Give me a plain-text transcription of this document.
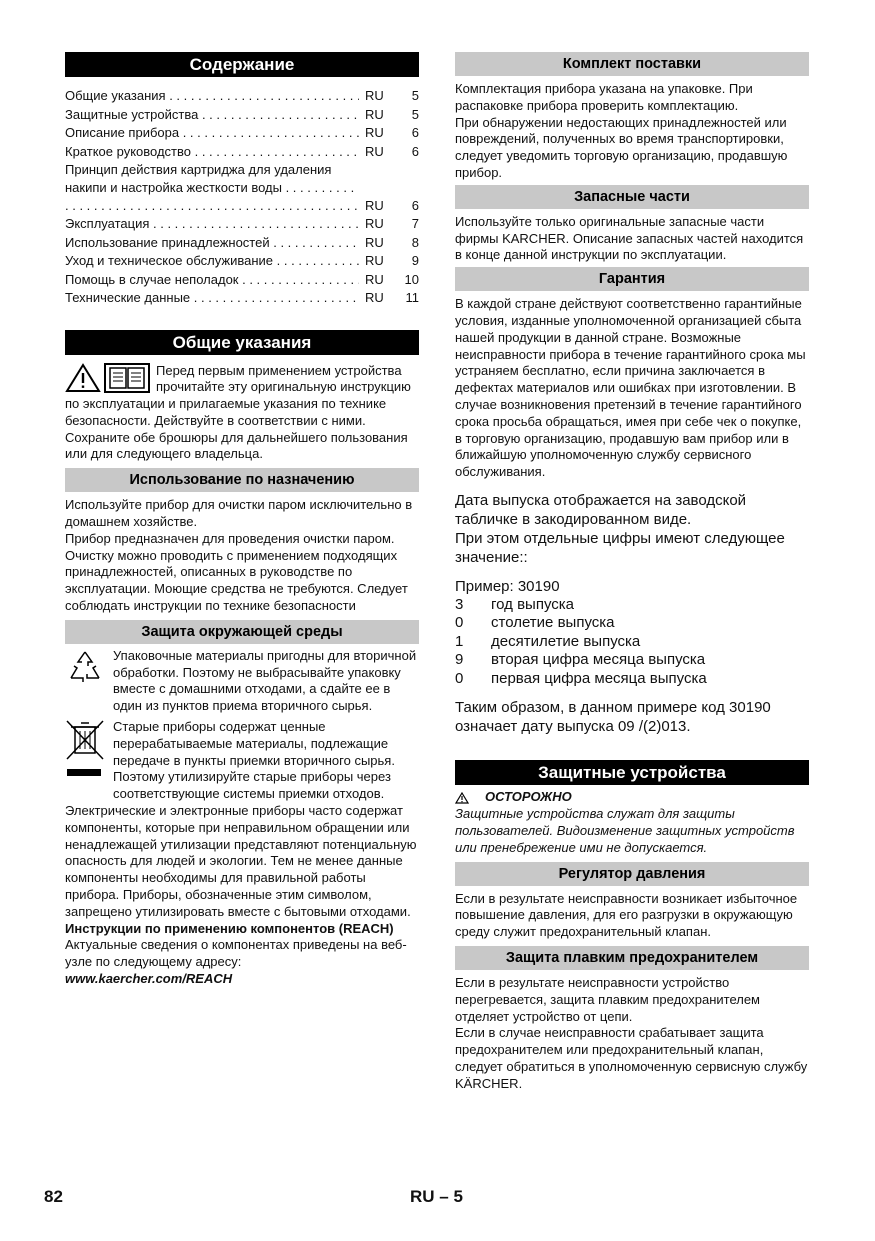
Содержание
Общие указания . . .	RU	5
Защитные устройства . . .	RU	5
Описание прибора . . .	RU	6
Краткое руководство . . .	RU	6
Принцип действия картриджа для удаления
накипи и настройка жесткости воды . . .
RU	6
Эксплуатация . . .	RU	7
Использование принадлежностей . . .	RU	8
Уход и техническое обслуживание . . .	RU	9
Помощь в случае неполадок . . .	RU	10
Технические данные . . .	RU	11
Общие указания

Перед первым применением устройства прочитайте эту оригинальную инструкцию по эксплуатации и прилагаемые указания по технике безопасности. Действуйте в соответствии с ними. Сохраните обе брошюры для дальнейшего пользования или для следующего владельца.

Использование по назначению

Используйте прибор для очистки паром исключительно в домашнем хозяйстве.

Прибор предназначен для проведения очистки паром. Очистку можно проводить с применением подходящих принадлежностей, описанных в руководстве по эксплуатации. Моющие средства не требуются. Следует соблюдать инструкции по технике безопасности

Защита окружающей среды

Упаковочные материалы пригодны для вторичной обработки. Поэтому не выбрасывайте упаковку вместе с домашними отходами, а сдайте ее в один из пунктов приема вторичного сырья.

Старые приборы содержат ценные перерабатываемые материалы, подлежащие передаче в пункты приемки вторичного сырья. Поэтому утилизируйте старые приборы через соответствующие системы приемки отходов.

Электрические и электронные приборы часто содержат компоненты, которые при неправильном обращении или ненадлежащей утилизации представляют потенциальную опасность для людей и экологии. Тем не менее данные компоненты необходимы для правильной работы прибора. Приборы, обозначенные этим символом, запрещено утилизировать вместе с бытовыми отходами.

Инструкции по применению компонентов (REACH)

Актуальные сведения о компонентах приведены на веб-узле по следующему адресу:

www.kaercher.com/REACH

Комплект поставки

Комплектация прибора указана на упаковке. При распаковке прибора проверить комплектацию.

При обнаружении недостающих принадлежностей или повреждений, полученных во время транспортировки, следует уведомить торговую организацию, продавшую прибор.

Запасные части

Используйте только оригинальные запасные части фирмы KARCHER. Описание запасных частей находится в конце данной инструкции по эксплуатации.

Гарантия

В каждой стране действуют соответственно гарантийные условия, изданные уполномоченной организацией сбыта нашей продукции в данной стране. Возможные неисправности прибора в течение гарантийного срока мы устраняем бесплатно, если причина заключается в дефектах материалов или ошибках при изготовлении. В случае возникновения претензий в течение гарантийного срока просьба обращаться, имея при себе чек о покупке, в торговую организацию, продавшую вам прибор или в ближайшую уполномоченную службу сервисного обслуживания.

Дата выпуска отображается на заводской табличке в закодированном виде.

При этом отдельные цифры имеют следующее значение::

Пример: 30190

3	год выпуска
0	столетие выпуска
1	десятилетие выпуска
9	вторая цифра месяца выпуска
0	первая цифра месяца выпуска

Таким образом, в данном примере код 30190 означает дату выпуска 09 /(2)013.

Защитные устройства
ОСТОРОЖНО

Защитные устройства служат для защиты пользователей. Видоизменение защитных устройств или пренебрежение ими не допускается.

Регулятор давления

Если в результате неисправности возникает избыточное повышение давления, для его разгрузки в окружающую среду служит предохранительный клапан.

Защита плавким предохранителем

Если в результате неисправности устройство перегревается, защита плавким предохранителем отделяет устройство от цепи.

Если в случае неисправности срабатывает защита предохранителем или предохранительный клапан, следует обратиться в уполномоченную сервисную службу KÄRCHER.

82	RU – 5
